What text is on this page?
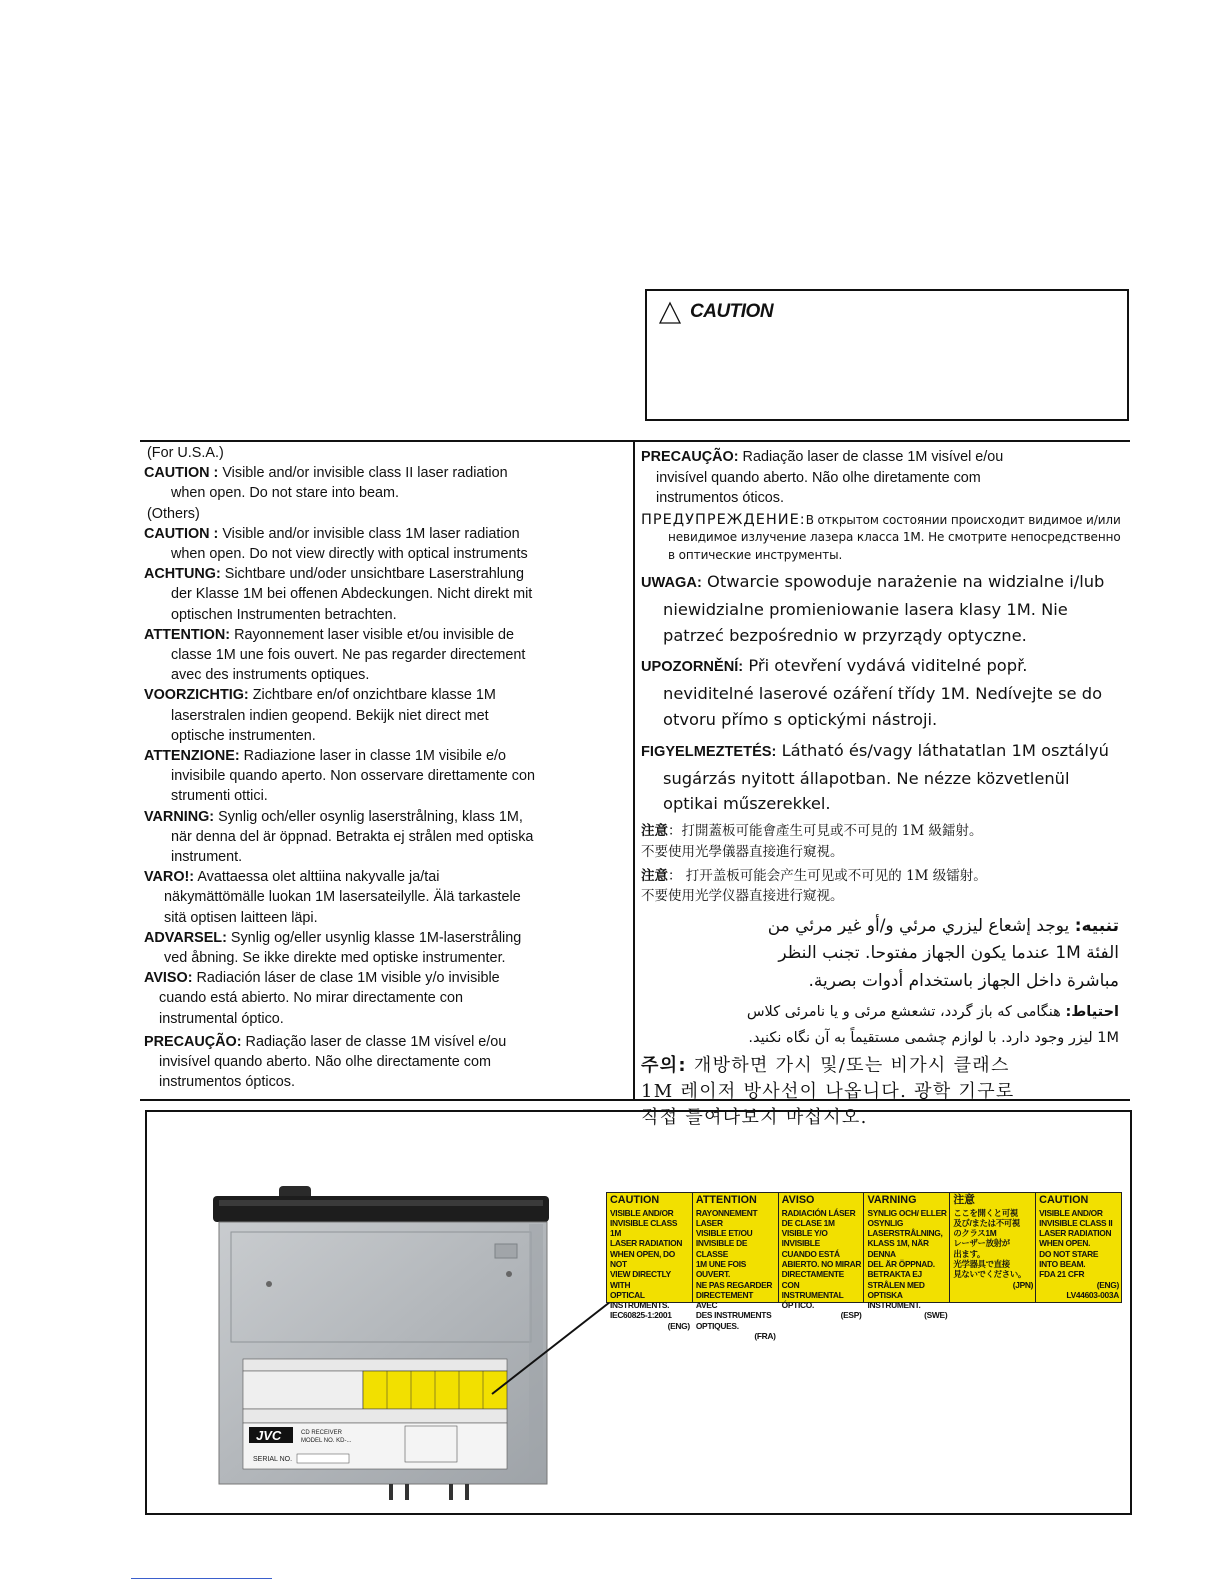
CAUTION
(For U.S.A.)
CAUTION : Visible and/or invisible class II laser radiation
when open. Do not stare into beam.
(Others)
CAUTION : Visible and/or invisible class 1M laser radiation
when open. Do not view directly with optical instruments
ACHTUNG: Sichtbare und/oder unsichtbare Laserstrahlung
der Klasse 1M bei offenen Abdeckungen. Nicht direkt mit
optischen Instrumenten betrachten.
ATTENTION: Rayonnement laser visible et/ou invisible de
classe 1M une fois ouvert. Ne pas regarder directement
avec des instruments optiques.
VOORZICHTIG: Zichtbare en/of onzichtbare klasse 1M
laserstralen indien geopend. Bekijk niet direct met
optische instrumenten.
ATTENZIONE: Radiazione laser in classe 1M visibile e/o
invisibile quando aperto. Non osservare direttamente con
strumenti ottici.
VARNING: Synlig och/eller osynlig laserstrålning, klass 1M,
när denna del är öppnad. Betrakta ej strålen med optiska
instrument.
VARO!: Avattaessa olet alttiina nakyvalle ja/tai
näkymättömälle luokan 1M lasersateilylle. Älä tarkastele
sitä optisen laitteen läpi.
ADVARSEL: Synlig og/eller usynlig klasse 1M-laserstråling
ved åbning. Se ikke direkte med optiske instrumenter.
AVISO: Radiación láser de clase 1M visible y/o invisible
cuando está abierto. No mirar directamente con
instrumental óptico.
PRECAUÇÃO: Radiação laser de classe 1M visível e/ou
invisível quando aberto. Não olhe directamente com
instrumentos ópticos.
PRECAUÇÃO: Radiação laser de classe 1M visível e/ou
invisível quando aberto. Não olhe diretamente com
instrumentos óticos.
ПРЕДУПРЕЖДЕНИЕ:В открытом состоянии происходит видимое и/или
невидимое излучение лазера класса 1M. Не смотрите непосредственно
в оптические инструменты.
UWAGA: Otwarcie spowoduje narażenie na widzialne i/lub
niewidzialne promieniowanie lasera klasy 1M. Nie
patrzeć bezpośrednio w przyrządy optyczne.
UPOZORNĚNÍ: Při otevření vydává viditelné popř.
neviditelné laserové ozáření třídy 1M. Nedívejte se do
otvoru přímo s optickými nástroji.
FIGYELMEZTETÉS: Látható és/vagy láthatatlan 1M osztályú
sugárzás nyitott állapotban. Ne nézze közvetlenül
optikai műszerekkel.
注意：打開蓋板可能會產生可見或不可見的 1M 級鐳射。
不要使用光學儀器直接進行窺視。
注意： 打开盖板可能会产生可见或不可见的 1M 级镭射。
不要使用光学仪器直接进行窥视。
تنبيه: يوجد إشعاع ليزري مرئي و/أو غير مرئي من
الفئة 1M عندما يكون الجهاز مفتوحا. تجنب النظر
مباشرة داخل الجهاز باستخدام أدوات بصرية.
احتياط: هنگامی که باز گردد، تشعشع مرئی و یا نامرئی کلاس
1M لیزر وجود دارد. با لوازم چشمی مستقیماً به آن نگاه نکنید.
주의: 개방하면 가시 및/또는 비가시 클래스
1M 레이저 방사선이 나옵니다. 광학 기구로
직접 들여다보지 마십시오.
JVC	CD RECEIVER
MODEL NO. KD-...
SERIAL NO.
CAUTION
VISIBLE AND/OR
INVISIBLE CLASS 1M
LASER RADIATION
WHEN OPEN, DO NOT
VIEW DIRECTLY WITH
OPTICAL INSTRUMENTS.
IEC60825-1:2001
(ENG)
ATTENTION
RAYONNEMENT LASER
VISIBLE ET/OU
INVISIBLE DE CLASSE
1M UNE FOIS OUVERT.
NE PAS REGARDER
DIRECTEMENT AVEC
DES INSTRUMENTS
OPTIQUES.
(FRA)
AVISO
RADIACIÓN LÁSER
DE CLASE 1M
VISIBLE Y/O INVISIBLE
CUANDO ESTÁ
ABIERTO. NO MIRAR
DIRECTAMENTE
CON INSTRUMENTAL
ÓPTICO.
(ESP)
VARNING
SYNLIG OCH/ ELLER
OSYNLIG
LASERSTRÅLNING,
KLASS 1M, NÄR DENNA
DEL ÄR ÖPPNAD.
BETRAKTA EJ
STRÅLEN MED OPTISKA
INSTRUMENT.
(SWE)
注意
ここを開くと可視
及び/または不可視
のクラス1M
レーザー放射が
出ます。
光学器具で直接
見ないでください。
(JPN)
CAUTION
VISIBLE AND/OR
INVISIBLE CLASS II
LASER RADIATION
WHEN OPEN.
DO NOT STARE
INTO BEAM.
FDA 21 CFR
(ENG)
LV44603-003A
